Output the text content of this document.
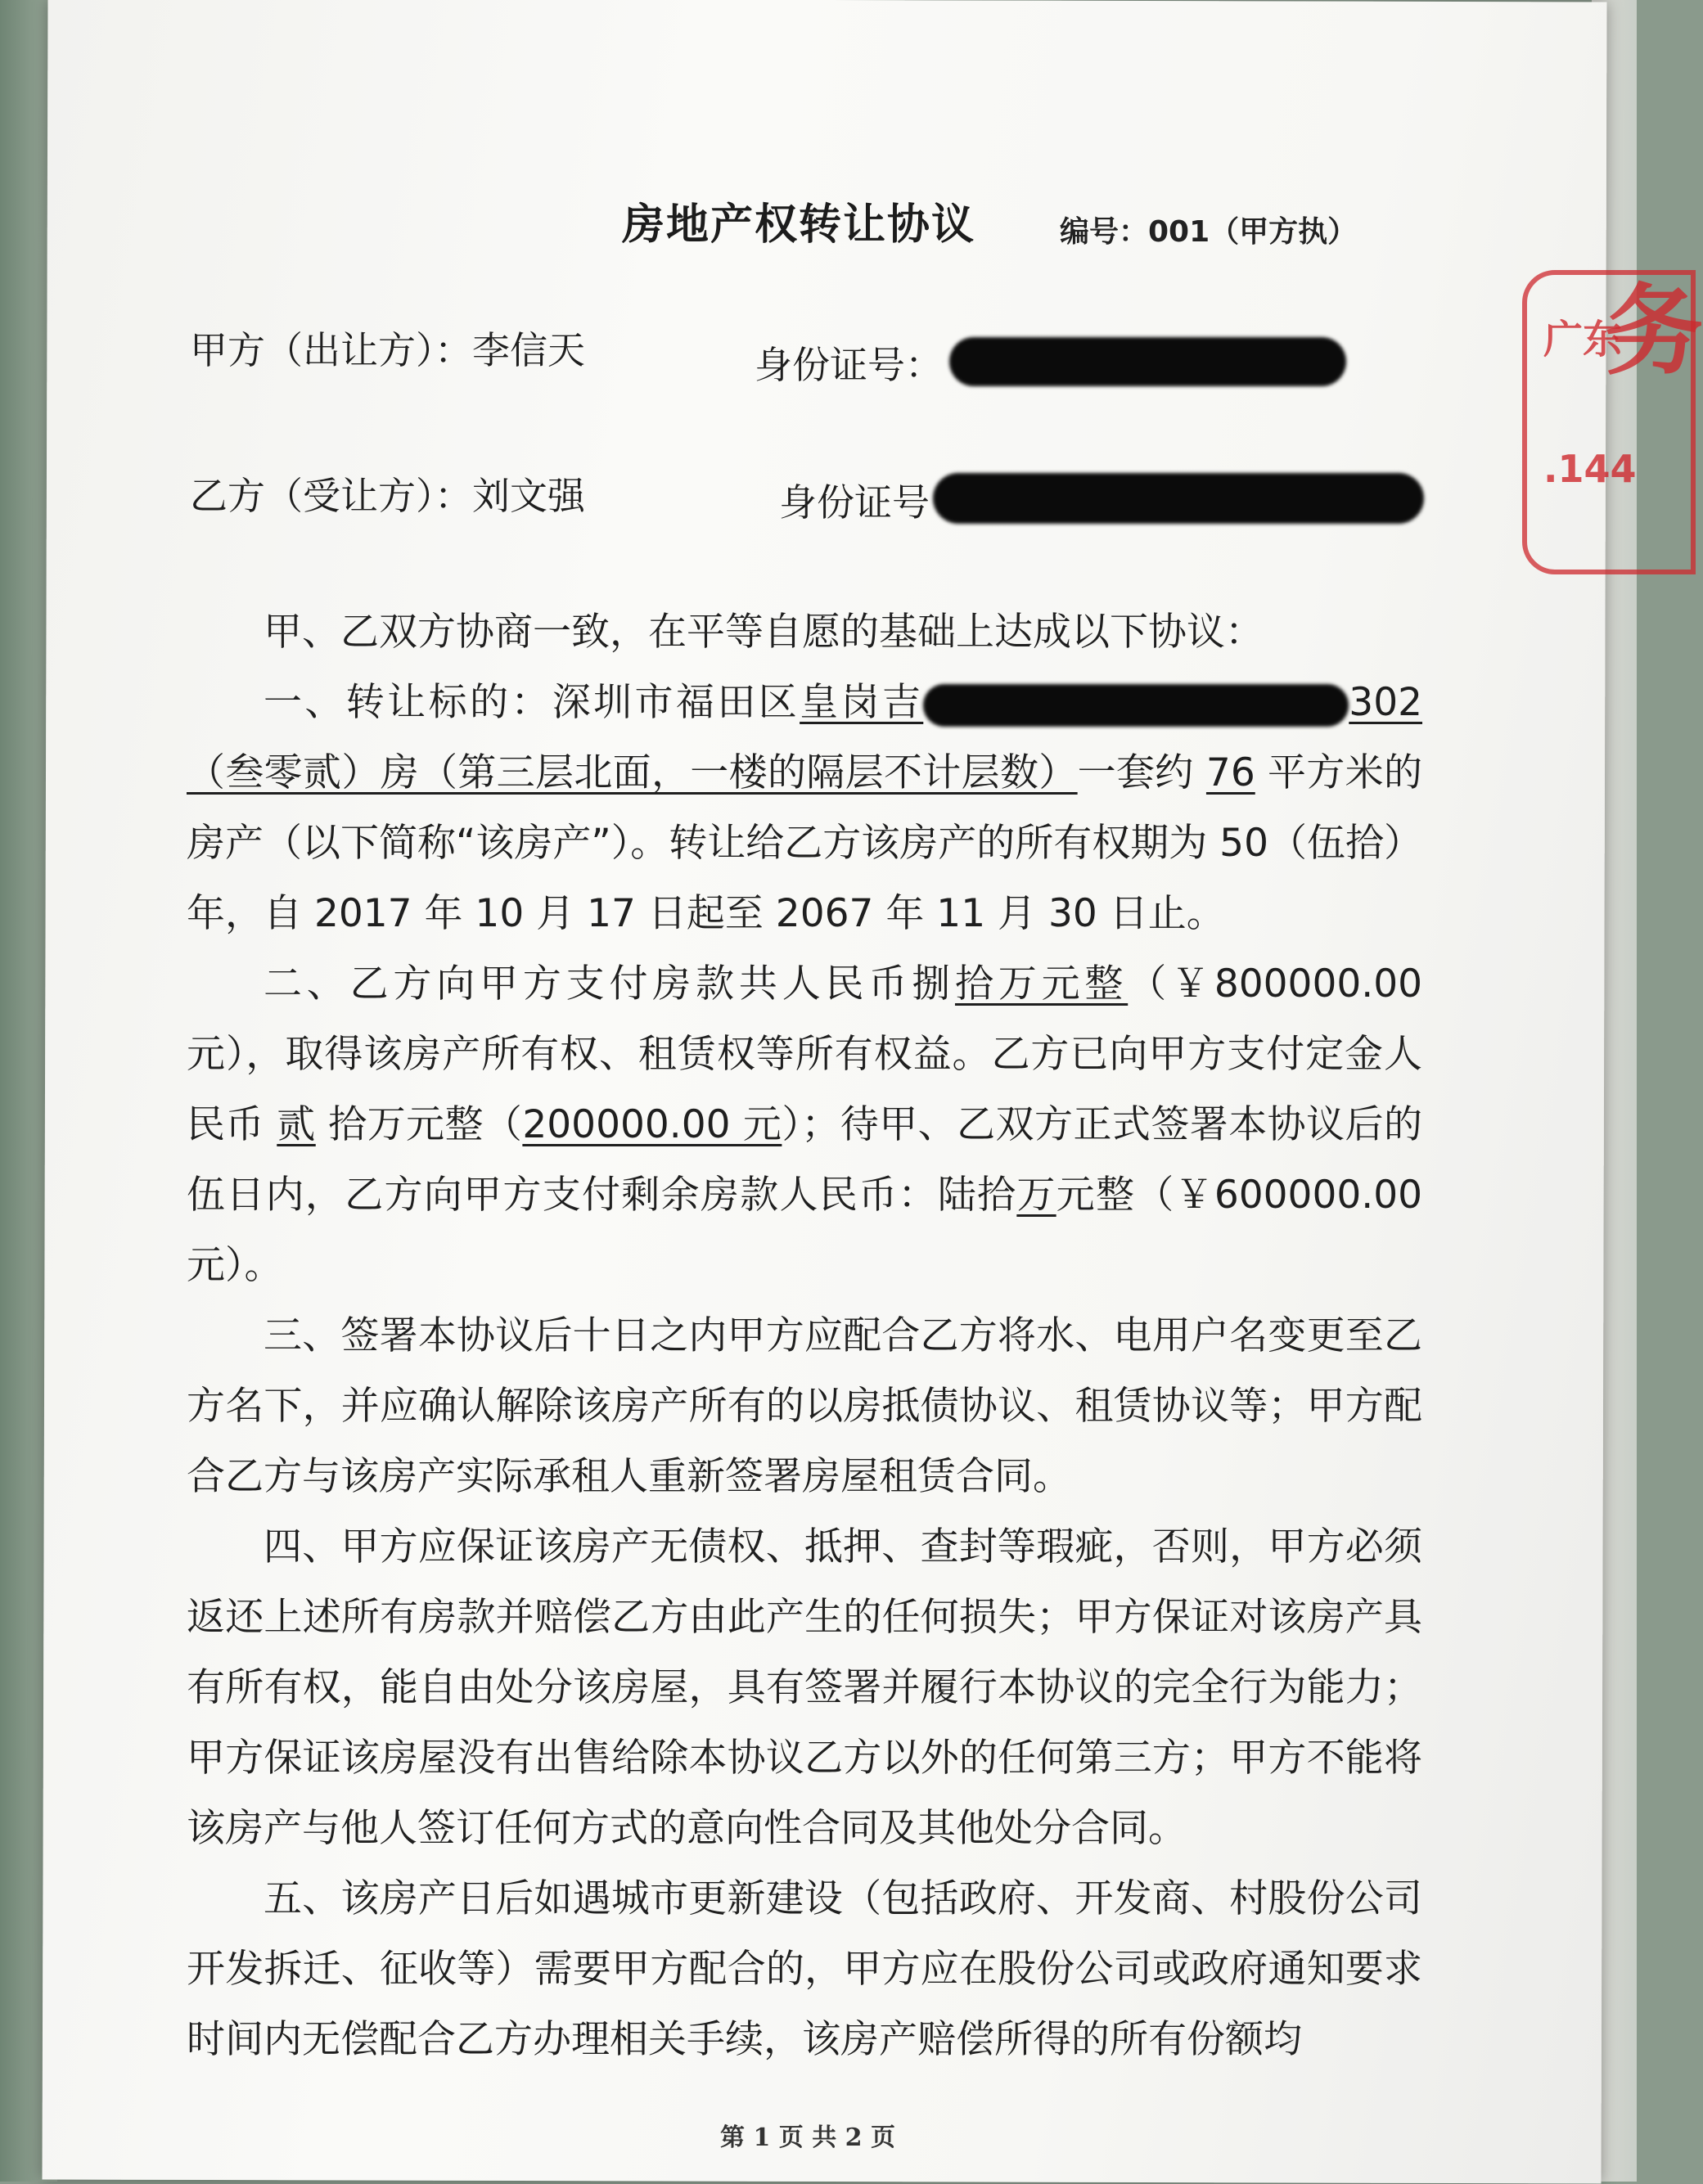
务
广东
.144
房地产权转让协议	编号：001（甲方执）
甲方（出让方）：李信天	身份证号：
乙方（受让方）：刘文强	身份证号

甲、乙双方协商一致，在平等自愿的基础上达成以下协议：

一、转让标的：深圳市福田区皇岗吉	302（叁零贰）房（第三层北面，一楼的隔层不计层数）一套约 76 平方米的房产（以下简称“该房产”）。转让给乙方该房产的所有权期为 50（伍拾）年，自 2017 年 10 月 17 日起至 2067 年 11 月 30 日止。

二、乙方向甲方支付房款共人民币捌拾万元整（￥800000.00 元），取得该房产所有权、租赁权等所有权益。乙方已向甲方支付定金人民币 贰 拾万元整（200000.00 元）；待甲、乙双方正式签署本协议后的伍日内，乙方向甲方支付剩余房款人民币：陆拾万元整（￥600000.00 元）。

三、签署本协议后十日之内甲方应配合乙方将水、电用户名变更至乙方名下，并应确认解除该房产所有的以房抵债协议、租赁协议等；甲方配合乙方与该房产实际承租人重新签署房屋租赁合同。

四、甲方应保证该房产无债权、抵押、查封等瑕疵，否则，甲方必须返还上述所有房款并赔偿乙方由此产生的任何损失；甲方保证对该房产具有所有权，能自由处分该房屋，具有签署并履行本协议的完全行为能力；甲方保证该房屋没有出售给除本协议乙方以外的任何第三方；甲方不能将该房产与他人签订任何方式的意向性合同及其他处分合同。

五、该房产日后如遇城市更新建设（包括政府、开发商、村股份公司开发拆迁、征收等）需要甲方配合的，甲方应在股份公司或政府通知要求时间内无偿配合乙方办理相关手续，该房产赔偿所得的所有份额均

第 1 页 共 2 页
